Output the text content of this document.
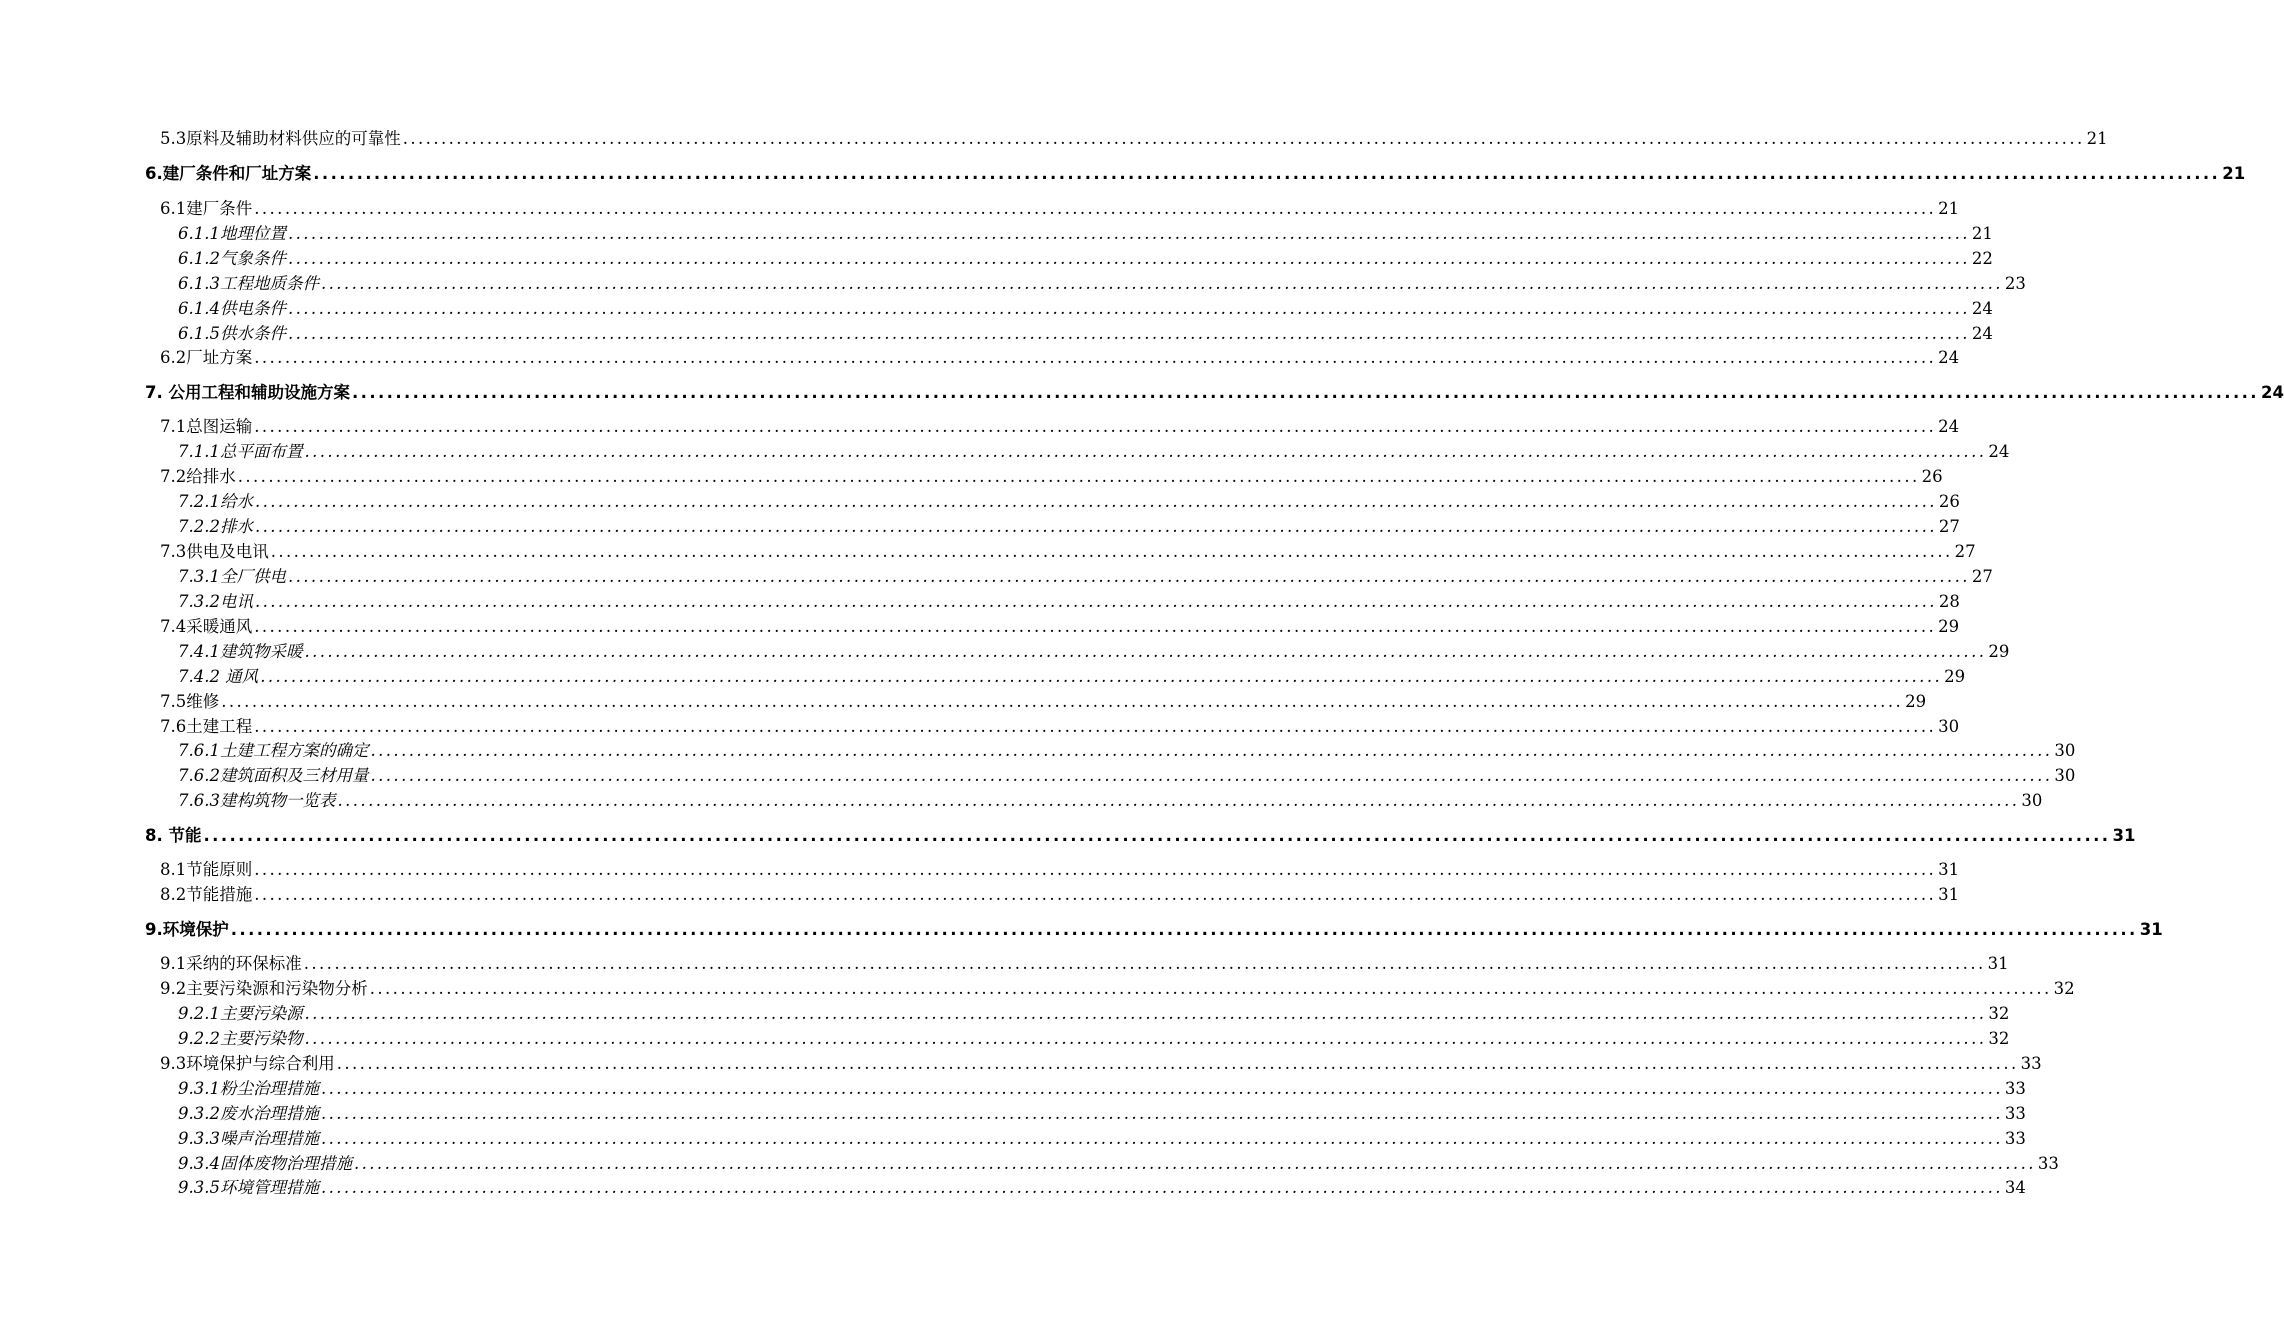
5.3原料及辅助材料供应的可靠性 ............................................................................................................................................................................................................................ 21
6.建厂条件和厂址方案 ............................................................................................................................................................................................................................ 21
6.1建厂条件 ............................................................................................................................................................................................................................ 21
6.1.1地理位置 ............................................................................................................................................................................................................................ 21
6.1.2气象条件 ............................................................................................................................................................................................................................ 22
6.1.3工程地质条件 ............................................................................................................................................................................................................................ 23
6.1.4供电条件 ............................................................................................................................................................................................................................ 24
6.1.5供水条件 ............................................................................................................................................................................................................................ 24
6.2厂址方案 ............................................................................................................................................................................................................................ 24
7. 公用工程和辅助设施方案 ............................................................................................................................................................................................................................ 24
7.1总图运输 ............................................................................................................................................................................................................................ 24
7.1.1总平面布置 ............................................................................................................................................................................................................................ 24
7.2给排水 ............................................................................................................................................................................................................................ 26
7.2.1给水 ............................................................................................................................................................................................................................ 26
7.2.2排水 ............................................................................................................................................................................................................................ 27
7.3供电及电讯 ............................................................................................................................................................................................................................ 27
7.3.1全厂供电 ............................................................................................................................................................................................................................ 27
7.3.2电讯 ............................................................................................................................................................................................................................ 28
7.4采暖通风 ............................................................................................................................................................................................................................ 29
7.4.1建筑物采暖 ............................................................................................................................................................................................................................ 29
7.4.2 通风 ............................................................................................................................................................................................................................ 29
7.5维修 ............................................................................................................................................................................................................................ 29
7.6土建工程 ............................................................................................................................................................................................................................ 30
7.6.1土建工程方案的确定 ............................................................................................................................................................................................................................ 30
7.6.2建筑面积及三材用量 ............................................................................................................................................................................................................................ 30
7.6.3建构筑物一览表 ............................................................................................................................................................................................................................ 30
8. 节能 ............................................................................................................................................................................................................................ 31
8.1节能原则 ............................................................................................................................................................................................................................ 31
8.2节能措施 ............................................................................................................................................................................................................................ 31
9.环境保护 ............................................................................................................................................................................................................................ 31
9.1采纳的环保标准 ............................................................................................................................................................................................................................ 31
9.2主要污染源和污染物分析 ............................................................................................................................................................................................................................ 32
9.2.1主要污染源 ............................................................................................................................................................................................................................ 32
9.2.2主要污染物 ............................................................................................................................................................................................................................ 32
9.3环境保护与综合利用 ............................................................................................................................................................................................................................ 33
9.3.1粉尘治理措施 ............................................................................................................................................................................................................................ 33
9.3.2废水治理措施 ............................................................................................................................................................................................................................ 33
9.3.3噪声治理措施 ............................................................................................................................................................................................................................ 33
9.3.4固体废物治理措施 ............................................................................................................................................................................................................................ 33
9.3.5环境管理措施 ............................................................................................................................................................................................................................ 34
